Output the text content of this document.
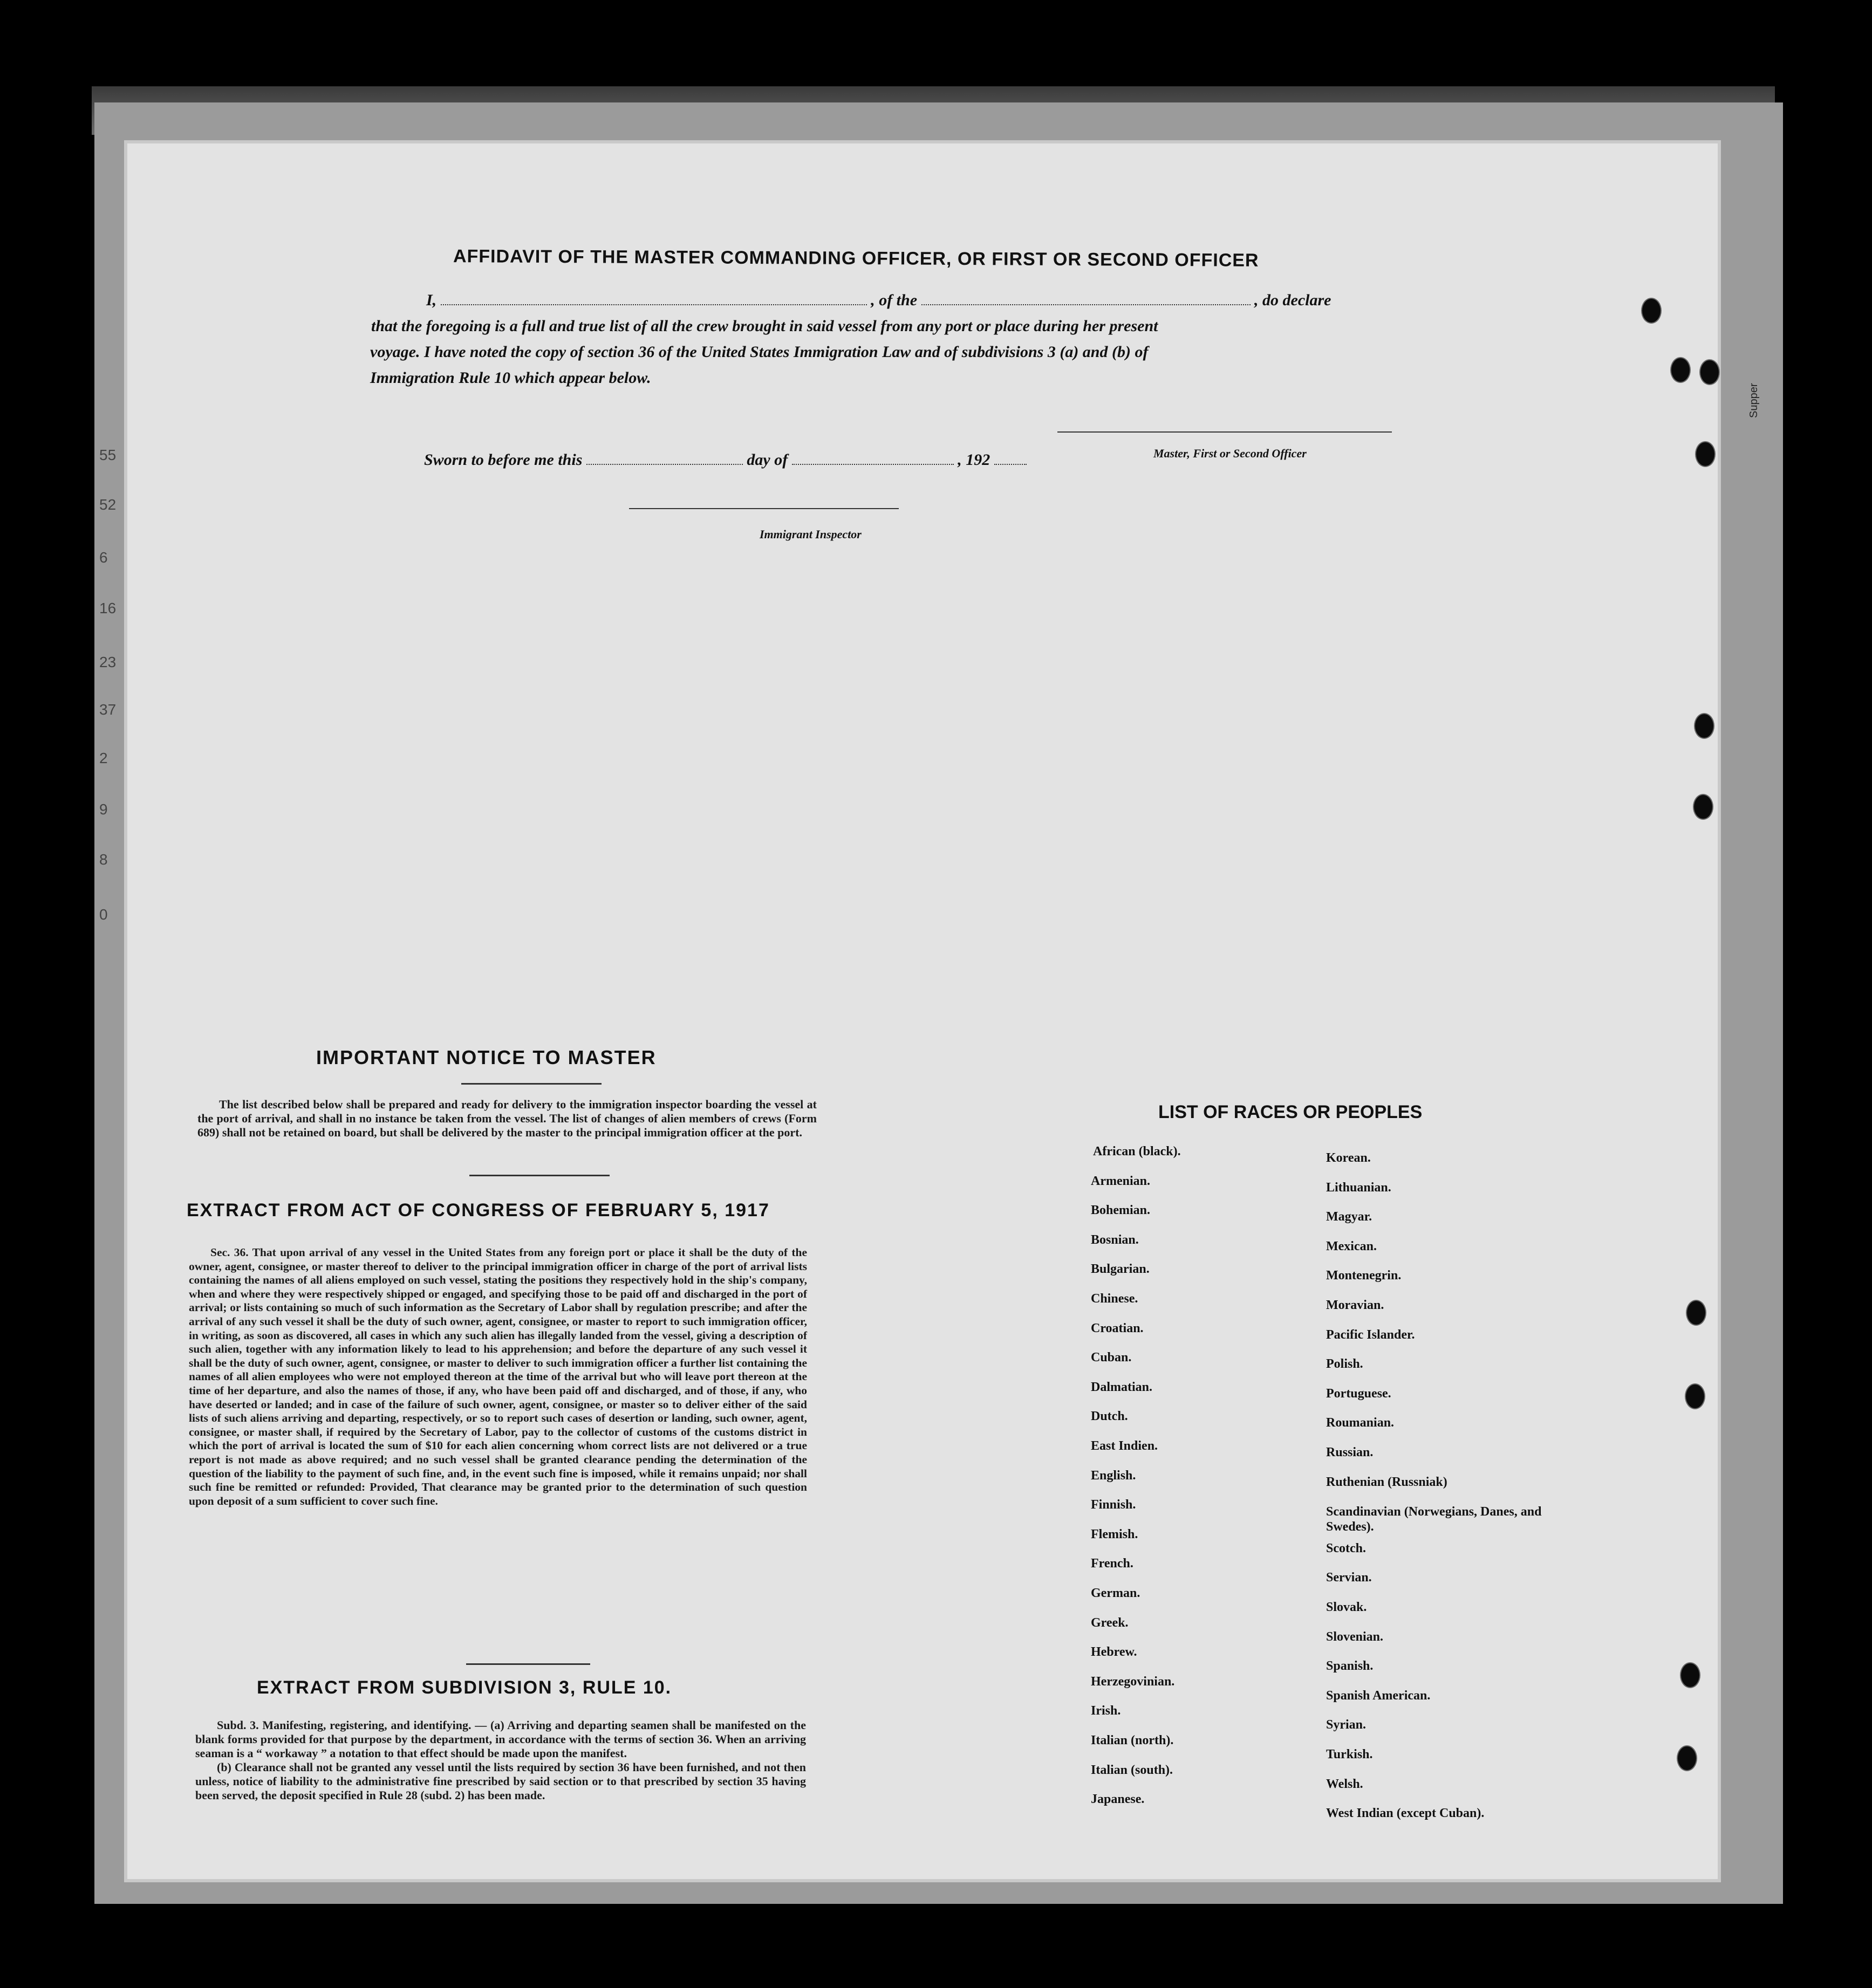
55
52
6
16
23
37
2
9
8
0
Supper
AFFIDAVIT OF THE MASTER COMMANDING OFFICER, OR FIRST OR SECOND OFFICER
I,	, of the	, do declare
that the foregoing is a full and true list of all the crew brought in said vessel from any port or place during her present
voyage. I have noted the copy of section 36 of the United States Immigration Law and of subdivisions 3 (a) and (b) of
Immigration Rule 10 which appear below.
Master, First or Second Officer
Sworn to before me this	day of	, 192
Immigrant Inspector
IMPORTANT NOTICE TO MASTER

The list described below shall be prepared and ready for delivery to the immigration inspector boarding the vessel at the port of arrival, and shall in no instance be taken from the vessel. The list of changes of alien members of crews (Form 689) shall not be retained on board, but shall be delivered by the master to the principal immigration officer at the port.

EXTRACT FROM ACT OF CONGRESS OF FEBRUARY 5, 1917

Sec. 36. That upon arrival of any vessel in the United States from any foreign port or place it shall be the duty of the owner, agent, consignee, or master thereof to deliver to the principal immigration officer in charge of the port of arrival lists containing the names of all aliens employed on such vessel, stating the positions they respectively hold in the ship's company, when and where they were respectively shipped or engaged, and specifying those to be paid off and discharged in the port of arrival; or lists containing so much of such information as the Secretary of Labor shall by regulation prescribe; and after the arrival of any such vessel it shall be the duty of such owner, agent, consignee, or master to report to such immigration officer, in writing, as soon as discovered, all cases in which any such alien has illegally landed from the vessel, giving a description of such alien, together with any information likely to lead to his apprehension; and before the departure of any such vessel it shall be the duty of such owner, agent, consignee, or master to deliver to such immigration officer a further list containing the names of all alien employees who were not employed thereon at the time of the arrival but who will leave port thereon at the time of her departure, and also the names of those, if any, who have been paid off and discharged, and of those, if any, who have deserted or landed; and in case of the failure of such owner, agent, consignee, or master so to deliver either of the said lists of such aliens arriving and departing, respectively, or so to report such cases of desertion or landing, such owner, agent, consignee, or master shall, if required by the Secretary of Labor, pay to the collector of customs of the customs district in which the port of arrival is located the sum of $10 for each alien concerning whom correct lists are not delivered or a true report is not made as above required; and no such vessel shall be granted clearance pending the determination of the question of the liability to the payment of such fine, and, in the event such fine is imposed, while it remains unpaid; nor shall such fine be remitted or refunded: Provided, That clearance may be granted prior to the determination of such question upon deposit of a sum sufficient to cover such fine.

EXTRACT FROM SUBDIVISION 3, RULE 10.

Subd. 3. Manifesting, registering, and identifying. — (a) Arriving and departing seamen shall be manifested on the blank forms provided for that purpose by the department, in accordance with the terms of section 36. When an arriving seaman is a “ workaway ” a notation to that effect should be made upon the manifest.

(b) Clearance shall not be granted any vessel until the lists required by section 36 have been furnished, and not then unless, notice of liability to the administrative fine prescribed by said section or to that prescribed by section 35 having been served, the deposit specified in Rule 28 (subd. 2) has been made.

LIST OF RACES OR PEOPLES
African (black).
Armenian.
Bohemian.
Bosnian.
Bulgarian.
Chinese.
Croatian.
Cuban.
Dalmatian.
Dutch.
East Indien.
English.
Finnish.
Flemish.
French.
German.
Greek.
Hebrew.
Herzegovinian.
Irish.
Italian (north).
Italian (south).
Japanese.
Korean.
Lithuanian.
Magyar.
Mexican.
Montenegrin.
Moravian.
Pacific Islander.
Polish.
Portuguese.
Roumanian.
Russian.
Ruthenian (Russniak)
Scandinavian (Norwegians, Danes, and Swedes).
Scotch.
Servian.
Slovak.
Slovenian.
Spanish.
Spanish American.
Syrian.
Turkish.
Welsh.
West Indian (except Cuban).
